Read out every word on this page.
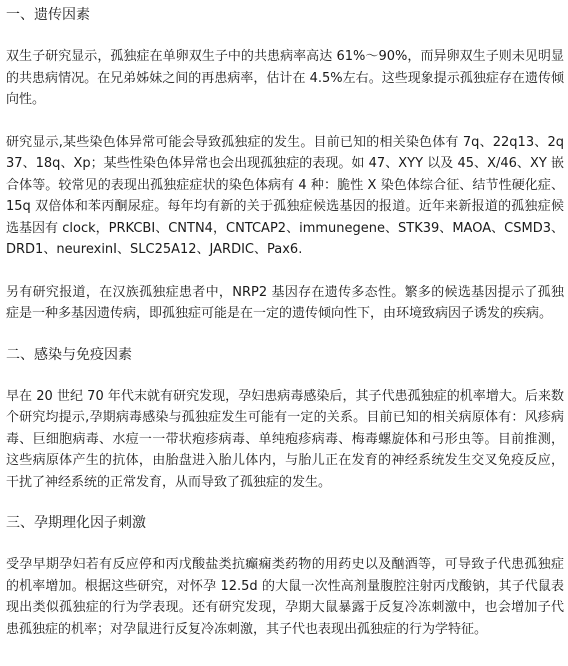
一、遗传因素

双生子研究显示，孤独症在单卵双生子中的共患病率高达 61%～90%，而异卵双生子则未见明显的共患病情况。在兄弟姊妹之间的再患病率，估计在 4.5%左右。这些现象提示孤独症存在遗传倾向性。

研究显示,某些染色体异常可能会导致孤独症的发生。目前已知的相关染色体有 7q、22q13、2q37、18q、Xp；某些性染色体异常也会出现孤独症的表现。如 47、XYY 以及 45、X/46、XY 嵌合体等。较常见的表现出孤独症症状的染色体病有 4 种：脆性 X 染色体综合征、结节性硬化症、15q 双倍体和苯丙酮尿症。每年均有新的关于孤独症候选基因的报道。近年来新报道的孤独症候选基因有 clock，PRKCBI、CNTN4，CNTCAP2、immunegene、STK39、MAOA、CSMD3、DRD1、neurexinI、SLC25A12、JARDIC、Pax6.

另有研究报道，在汉族孤独症患者中，NRP2 基因存在遗传多态性。繁多的候选基因提示了孤独症是一种多基因遗传病，即孤独症可能是在一定的遗传倾向性下，由环境致病因子诱发的疾病。

二、感染与免疫因素

早在 20 世纪 70 年代末就有研究发现，孕妇患病毒感染后，其子代患孤独症的机率增大。后来数个研究均提示,孕期病毒感染与孤独症发生可能有一定的关系。目前已知的相关病原体有：风疹病毒、巨细胞病毒、水痘一一带状疱疹病毒、单纯疱疹病毒、梅毒螺旋体和弓形虫等。目前推测，这些病原体产生的抗体，由胎盘进入胎儿体内，与胎儿正在发育的神经系统发生交叉免疫反应，干扰了神经系统的正常发育，从而导致了孤独症的发生。

三、孕期理化因子刺激

受孕早期孕妇若有反应停和丙戊酸盐类抗癫痫类药物的用药史以及酗酒等，可导致子代患孤独症的机率增加。根据这些研究，对怀孕 12.5d 的大鼠一次性高剂量腹腔注射丙戊酸钠，其子代鼠表现出类似孤独症的行为学表现。还有研究发现，孕期大鼠暴露于反复冷冻刺激中，也会增加子代患孤独症的机率；对孕鼠进行反复冷冻刺激，其子代也表现出孤独症的行为学特征。
